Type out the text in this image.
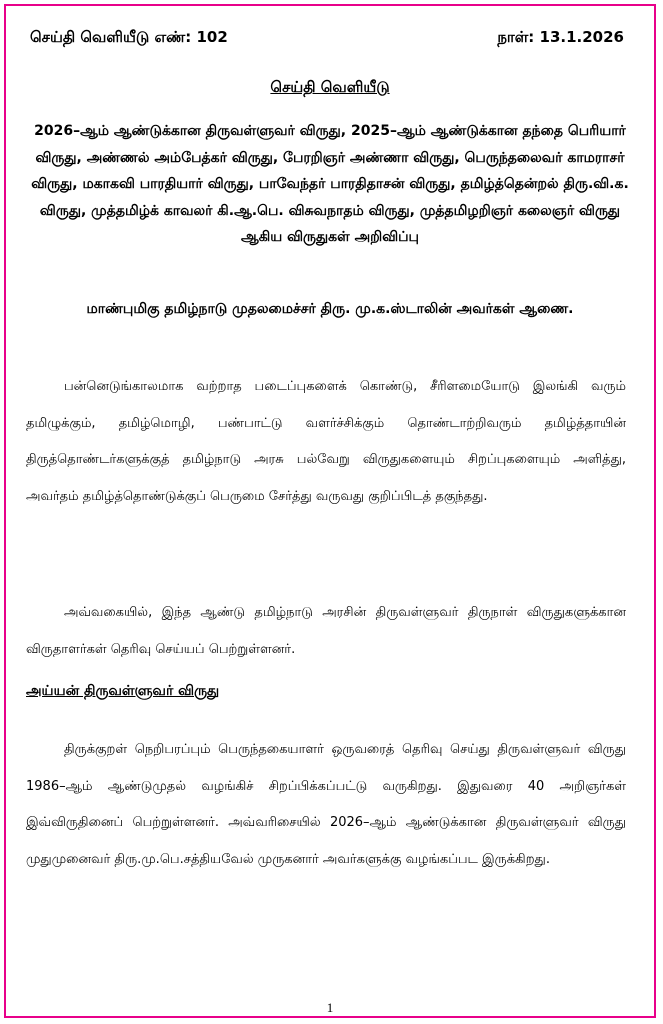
செய்தி வெளியீடு எண்: 102	நாள்: 13.1.2026
செய்தி வெளியீடு
2026–ஆம் ஆண்டுக்கான திருவள்ளுவர் விருது, 2025–ஆம் ஆண்டுக்கான தந்தை பெரியார் விருது, அண்ணல் அம்பேத்கர் விருது, பேரறிஞர் அண்ணா விருது, பெருந்தலைவர் காமராசர் விருது, மகாகவி பாரதியார் விருது, பாவேந்தர் பாரதிதாசன் விருது, தமிழ்த்தென்றல் திரு.வி.க. விருது, முத்தமிழ்க் காவலர் கி.ஆ.பெ. விசுவநாதம் விருது, முத்தமிழறிஞர் கலைஞர் விருது ஆகிய விருதுகள் அறிவிப்பு
மாண்புமிகு தமிழ்நாடு முதலமைச்சர் திரு. மு.க.ஸ்டாலின் அவர்கள் ஆணை.

பன்னெடுங்காலமாக வற்றாத படைப்புகளைக் கொண்டு, சீரிளமையோடு இலங்கி வரும் தமிழுக்கும், தமிழ்மொழி, பண்பாட்டு வளர்ச்சிக்கும் தொண்டாற்றிவரும் தமிழ்த்தாயின் திருத்தொண்டர்களுக்குத் தமிழ்நாடு அரசு பல்வேறு விருதுகளையும் சிறப்புகளையும் அளித்து, அவர்தம் தமிழ்த்தொண்டுக்குப் பெருமை சேர்த்து வருவது குறிப்பிடத் தகுந்தது.

அவ்வகையில், இந்த ஆண்டு தமிழ்நாடு அரசின் திருவள்ளுவர் திருநாள் விருதுகளுக்கான விருதாளர்கள் தெரிவு செய்யப் பெற்றுள்ளனர்.

அய்யன் திருவள்ளுவர் விருது

திருக்குறள் நெறிபரப்பும் பெருந்தகையாளர் ஒருவரைத் தெரிவு செய்து திருவள்ளுவர் விருது 1986–ஆம் ஆண்டுமுதல் வழங்கிச் சிறப்பிக்கப்பட்டு வருகிறது. இதுவரை 40 அறிஞர்கள் இவ்விருதினைப் பெற்றுள்ளனர். அவ்வரிசையில் 2026–ஆம் ஆண்டுக்கான திருவள்ளுவர் விருது முதுமுனைவர் திரு.மு.பெ.சத்தியவேல் முருகனார் அவர்களுக்கு வழங்கப்பட இருக்கிறது.

1
